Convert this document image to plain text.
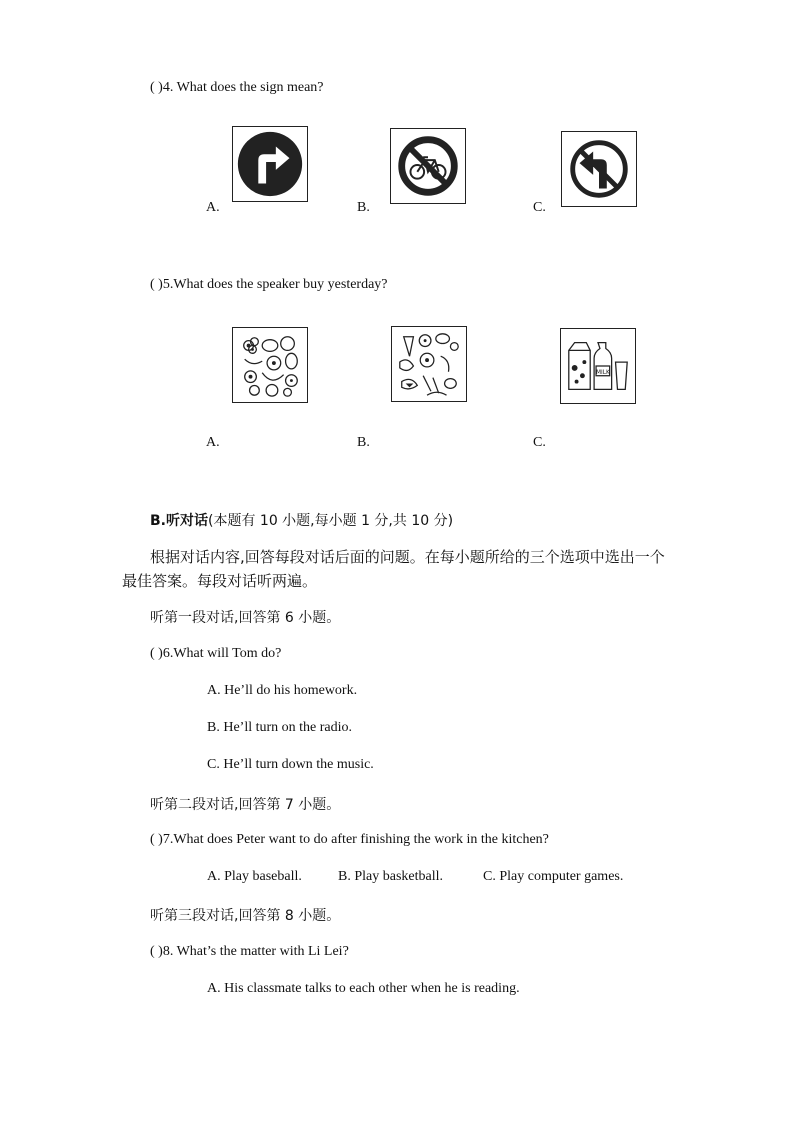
( )4. What does the sign mean?
A.	B.	C.
( )5.What does the speaker buy yesterday?
A.	B.
MILK
C.
B.听对话(本题有 10 小题,每小题 1 分,共 10 分)
根据对话内容,回答每段对话后面的问题。在每小题所给的三个选项中选出一个
最佳答案。每段对话听两遍。
听第一段对话,回答第 6 小题。
( )6.What will Tom do?
A. He’ll do his homework.
B. He’ll turn on the radio.
C. He’ll turn down the music.
听第二段对话,回答第 7 小题。
( )7.What does Peter want to do after finishing the work in the kitchen?
A. Play baseball.	B. Play basketball.	C. Play computer games.
听第三段对话,回答第 8 小题。
( )8. What’s the matter with Li Lei?
A. His classmate talks to each other when he is reading.
